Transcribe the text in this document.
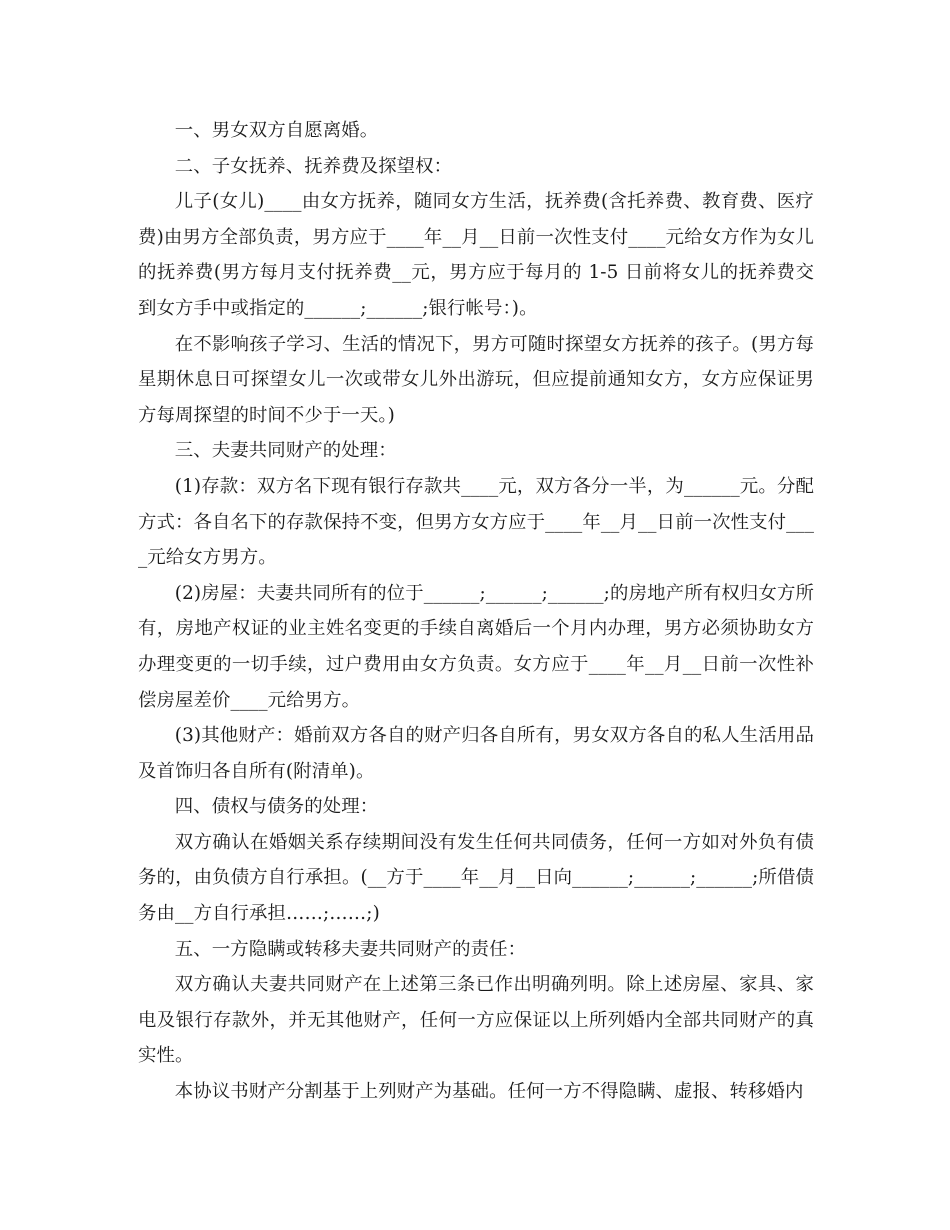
一、男女双方自愿离婚。

二、子女抚养、抚养费及探望权：

儿子(女儿)____由女方抚养，随同女方生活，抚养费(含托养费、教育费、医疗费)由男方全部负责，男方应于____年__月__日前一次性支付____元给女方作为女儿的抚养费(男方每月支付抚养费__元，男方应于每月的 1-5 日前将女儿的抚养费交到女方手中或指定的______;______;银行帐号：)。

在不影响孩子学习、生活的情况下，男方可随时探望女方抚养的孩子。(男方每星期休息日可探望女儿一次或带女儿外出游玩，但应提前通知女方，女方应保证男方每周探望的时间不少于一天。)

三、夫妻共同财产的处理：

(1)存款：双方名下现有银行存款共____元，双方各分一半，为______元。分配方式：各自名下的存款保持不变，但男方女方应于____年__月__日前一次性支付____元给女方男方。

(2)房屋：夫妻共同所有的位于______;______;______;的房地产所有权归女方所有，房地产权证的业主姓名变更的手续自离婚后一个月内办理，男方必须协助女方办理变更的一切手续，过户费用由女方负责。女方应于____年__月__日前一次性补偿房屋差价____元给男方。

(3)其他财产：婚前双方各自的财产归各自所有，男女双方各自的私人生活用品及首饰归各自所有(附清单)。

四、债权与债务的处理：

双方确认在婚姻关系存续期间没有发生任何共同债务，任何一方如对外负有债务的，由负债方自行承担。(__方于____年__月__日向______;______;______;所借债务由__方自行承担……;……;)

五、一方隐瞒或转移夫妻共同财产的责任：

双方确认夫妻共同财产在上述第三条已作出明确列明。除上述房屋、家具、家电及银行存款外，并无其他财产，任何一方应保证以上所列婚内全部共同财产的真实性。

本协议书财产分割基于上列财产为基础。任何一方不得隐瞒、虚报、转移婚内
